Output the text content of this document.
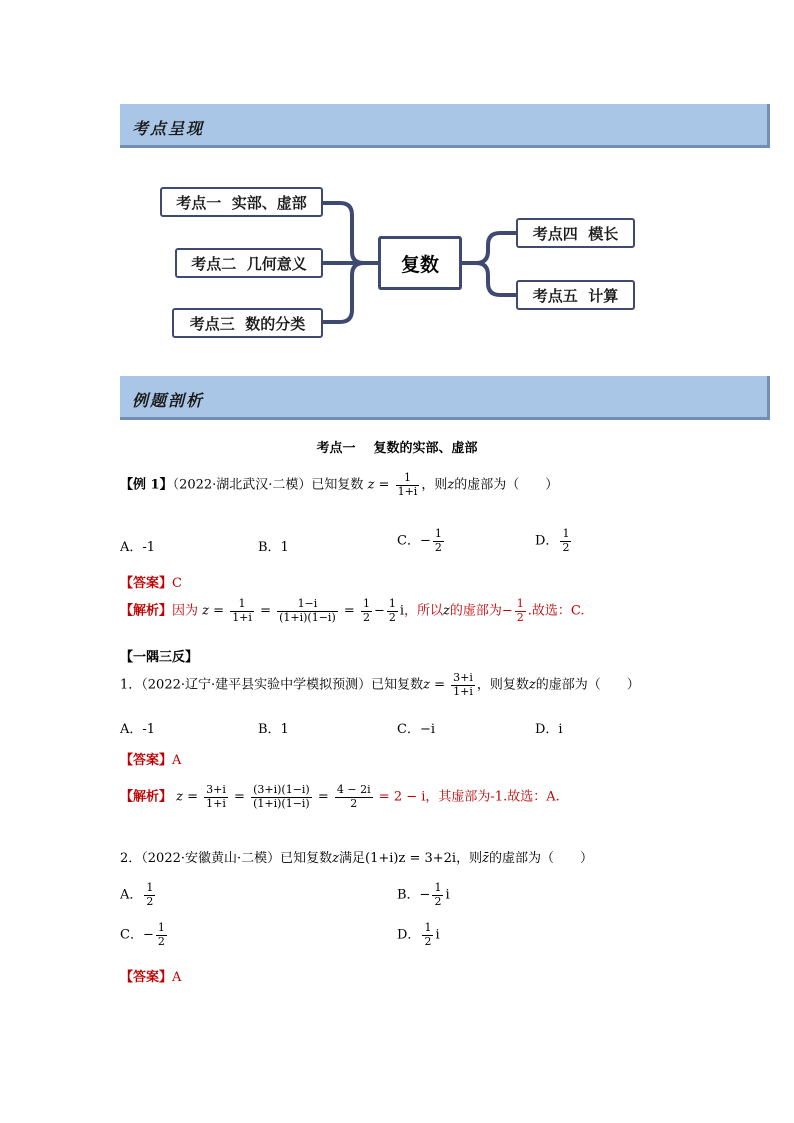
考点呈现
考点一  实部、虚部
考点二  几何意义
考点三  数的分类
复数
考点四  模长
考点五  计算
例题剖析
考点一    复数的实部、虚部
【例 1】（2022·湖北武汉·二模）已知复数 $z = \frac{1}{1+i}$ ，则z的虚部为（　　）
A．-1	B．1	C．− $\frac{1}{2}$	D． $\frac{1}{2}$
【答案】C
【解析】因为 $z = \frac{1}{1+i} = \frac{1-i}{(1+i)(1-i)} = \frac{1}{2} - \frac{1}{2}$ i，所以z的虚部为− $\frac{1}{2}$ .故选：C.
【一隅三反】
1．（2022·辽宁·建平县实验中学模拟预测）已知复数$z = \frac{3+i}{1+i}$ ，则复数z的虚部为（　　）
A．-1	B．1	C．−i	D．i
【答案】A
【解析】 $z = \frac{3+i}{1+i} = \frac{(3+i)(1-i)}{(1+i)(1-i)} = \frac{4 - 2i}{2} = 2 - i$，其虚部为-1.故选：A.
2．（2022·安徽黄山·二模）已知复数z满足(1+i)z = 3+2i，则z̄的虚部为（　　）
A． $\frac{1}{2}$	B．− $\frac{1}{2}$ i
C．− $\frac{1}{2}$	D． $\frac{1}{2}$ i
【答案】A
